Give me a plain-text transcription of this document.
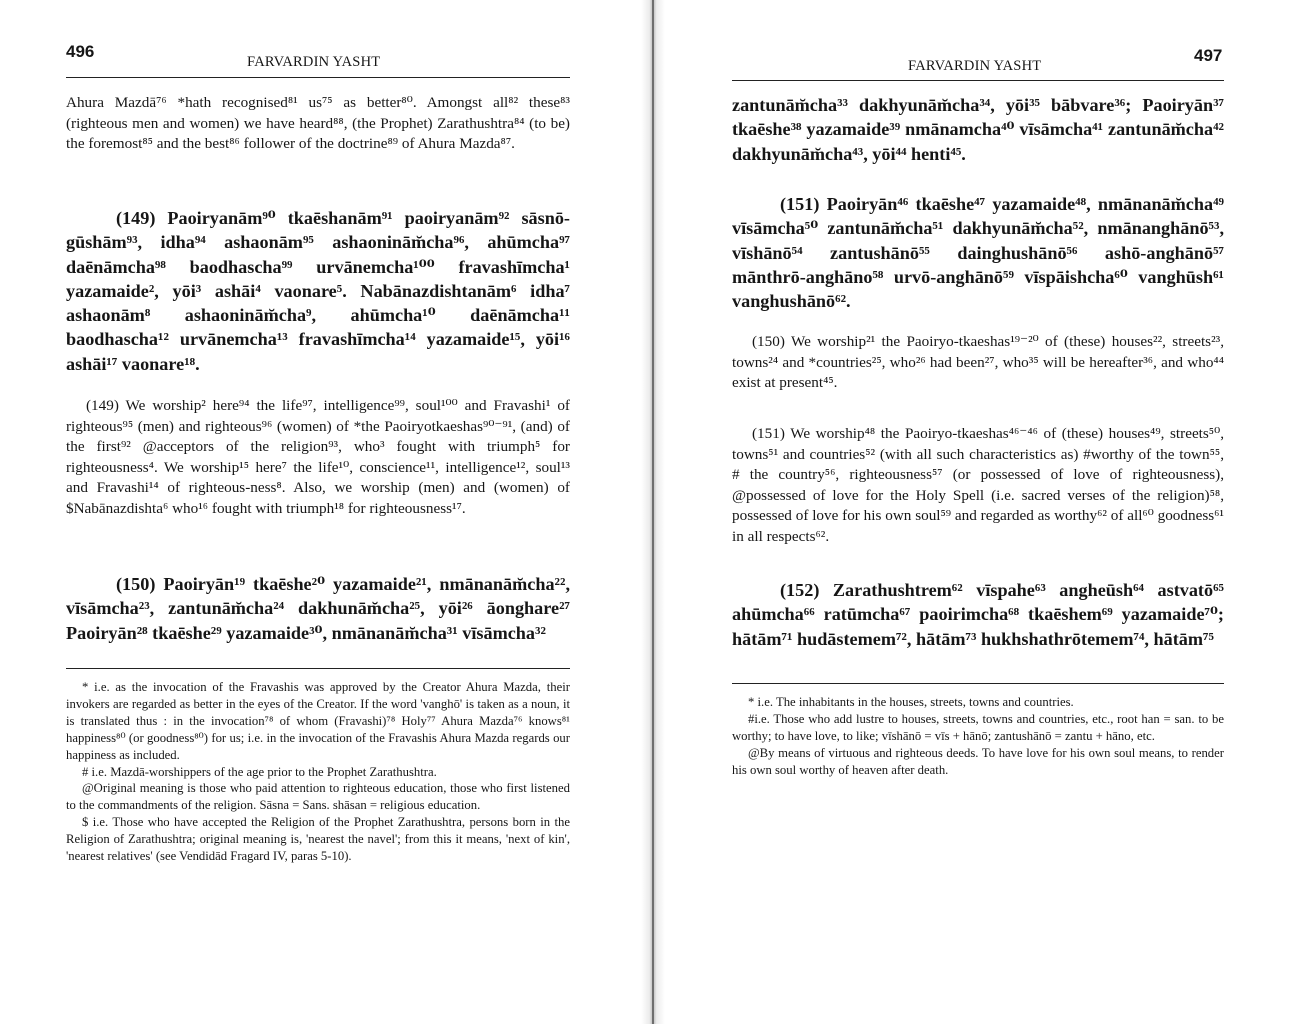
496

FARVARDIN YASHT

Ahura Mazdā⁷⁶ *hath recognised⁸¹ us⁷⁵ as better⁸⁰. Amongst all⁸² these⁸³ (righteous men and women) we have heard⁸⁸, (the Prophet) Zarathushtra⁸⁴ (to be) the foremost⁸⁵ and the best⁸⁶ follower of the doctrine⁸⁹ of Ahura Mazda⁸⁷.

(149) Paoiryanām⁹⁰ tkaēshanām⁹¹ paoiryanām⁹² sāsnō-gūshām⁹³, idha⁹⁴ ashaonām⁹⁵ ashaoninām̆cha⁹⁶, ahūmcha⁹⁷ daēnāmcha⁹⁸ baodhascha⁹⁹ urvānemcha¹⁰⁰ fravashīmcha¹ yazamaide², yōi³ ashāi⁴ vaonare⁵. Nabānazdishtanām⁶ idha⁷ ashaonām⁸ ashaoninām̆cha⁹, ahūmcha¹⁰ daēnāmcha¹¹ baodhascha¹² urvānemcha¹³ fravashīmcha¹⁴ yazamaide¹⁵, yōi¹⁶ ashāi¹⁷ vaonare¹⁸.

(149) We worship² here⁹⁴ the life⁹⁷, intelligence⁹⁹, soul¹⁰⁰ and Fravashi¹ of righteous⁹⁵ (men) and righteous⁹⁶ (women) of *the Paoiryotkaeshas⁹⁰⁻⁹¹, (and) of the first⁹² @acceptors of the religion⁹³, who³ fought with triumph⁵ for righteousness⁴. We worship¹⁵ here⁷ the life¹⁰, conscience¹¹, intelligence¹², soul¹³ and Fravashi¹⁴ of righteous-ness⁸. Also, we worship (men) and (women) of $Nabānazdishta⁶ who¹⁶ fought with triumph¹⁸ for righteousness¹⁷.

(150) Paoiryān¹⁹ tkaēshe²⁰ yazamaide²¹, nmānanām̆cha²², vīsāmcha²³, zantunām̆cha²⁴ dakhunām̆cha²⁵, yōi²⁶ āonghare²⁷ Paoiryān²⁸ tkaēshe²⁹ yazamaide³⁰, nmānanām̆cha³¹ vīsāmcha³²

* i.e. as the invocation of the Fravashis was approved by the Creator Ahura Mazda, their invokers are regarded as better in the eyes of the Creator. If the word 'vanghō' is taken as a noun, it is translated thus : in the invocation⁷⁸ of whom (Fravashi)⁷⁸ Holy⁷⁷ Ahura Mazda⁷⁶ knows⁸¹ happiness⁸⁰ (or goodness⁸⁰) for us; i.e. in the invocation of the Fravashis Ahura Mazda regards our happiness as included.

# i.e. Mazdā-worshippers of the age prior to the Prophet Zarathushtra.

@Original meaning is those who paid attention to righteous education, those who first listened to the commandments of the religion. Sāsna = Sans. shāsan = religious education.

$ i.e. Those who have accepted the Religion of the Prophet Zarathushtra, persons born in the Religion of Zarathushtra; original meaning is, 'nearest the navel'; from this it means, 'next of kin', 'nearest relatives' (see Vendidād Fragard IV, paras 5-10).

497

FARVARDIN YASHT

zantunām̆cha³³ dakhyunām̆cha³⁴, yōi³⁵ bābvare³⁶; Paoiryān³⁷ tkaēshe³⁸ yazamaide³⁹ nmānamcha⁴⁰ vīsāmcha⁴¹ zantunām̆cha⁴² dakhyunām̆cha⁴³, yōi⁴⁴ henti⁴⁵.

(151) Paoiryān⁴⁶ tkaēshe⁴⁷ yazamaide⁴⁸, nmānanām̆cha⁴⁹ vīsāmcha⁵⁰ zantunām̆cha⁵¹ dakhyunām̆cha⁵², nmānanghānō⁵³, vīshānō⁵⁴ zantushānō⁵⁵ dainghushānō⁵⁶ ashō-anghānō⁵⁷ mānthrō-anghāno⁵⁸ urvō-anghānō⁵⁹ vīspāishcha⁶⁰ vanghūsh⁶¹ vanghushānō⁶².

(150) We worship²¹ the Paoiryo-tkaeshas¹⁹⁻²⁰ of (these) houses²², streets²³, towns²⁴ and *countries²⁵, who²⁶ had been²⁷, who³⁵ will be hereafter³⁶, and who⁴⁴ exist at present⁴⁵.

(151) We worship⁴⁸ the Paoiryo-tkaeshas⁴⁶⁻⁴⁶ of (these) houses⁴⁹, streets⁵⁰, towns⁵¹ and countries⁵² (with all such characteristics as) #worthy of the town⁵⁵, # the country⁵⁶, righteousness⁵⁷ (or possessed of love of righteousness), @possessed of love for the Holy Spell (i.e. sacred verses of the religion)⁵⁸, possessed of love for his own soul⁵⁹ and regarded as worthy⁶² of all⁶⁰ goodness⁶¹ in all respects⁶².

(152) Zarathushtrem⁶² vīspahe⁶³ angheūsh⁶⁴ astvatō⁶⁵ ahūmcha⁶⁶ ratūmcha⁶⁷ paoirimcha⁶⁸ tkaēshem⁶⁹ yazamaide⁷⁰; hātām⁷¹ hudāstemem⁷², hātām⁷³ hukhshathrōtemem⁷⁴, hātām⁷⁵

* i.e. The inhabitants in the houses, streets, towns and countries.

#i.e. Those who add lustre to houses, streets, towns and countries, etc., root han = san. to be worthy; to have love, to like; vīshānō = vīs + hānō; zantushānō = zantu + hāno, etc.

@By means of virtuous and righteous deeds. To have love for his own soul means, to render his own soul worthy of heaven after death.
